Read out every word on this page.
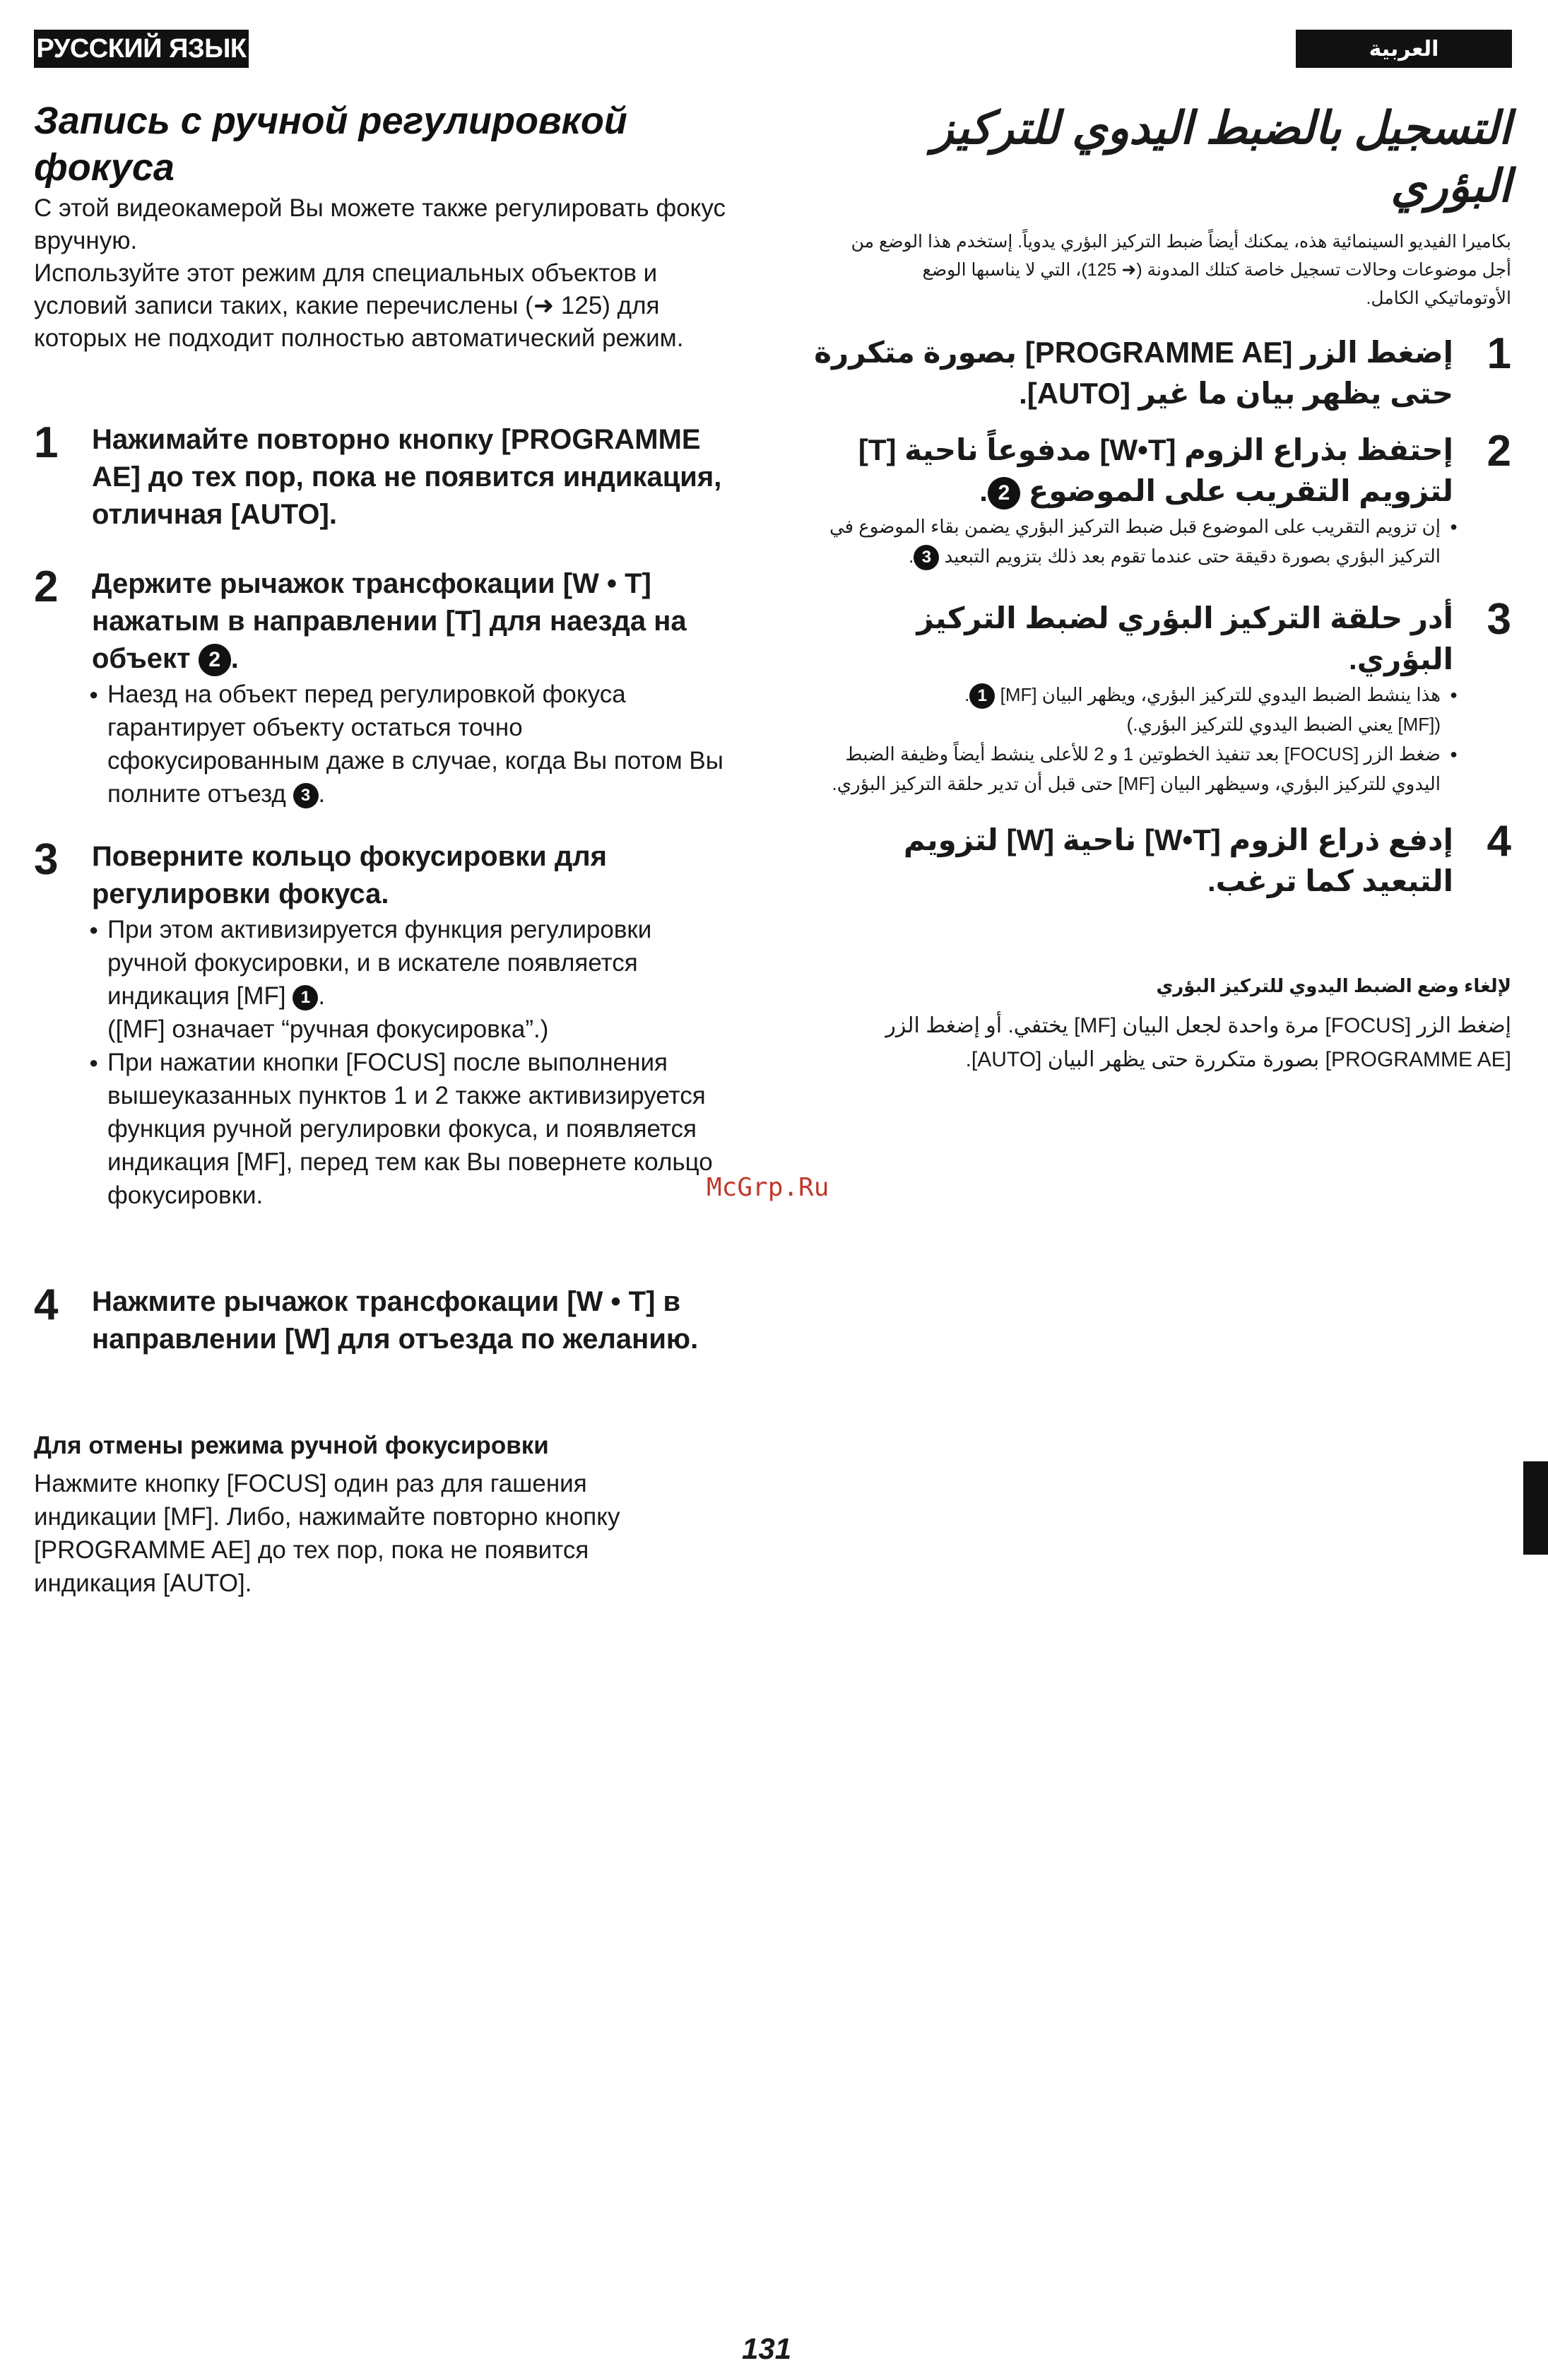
РУССКИЙ ЯЗЫК	العربية
Запись с ручной регулировкой фокуса
С этой видеокамерой Вы можете также регулировать фокус вручную.
Используйте этот режим для специальных объектов и условий записи таких, какие перечислены (➜ 125) для которых не подходит полностью автоматический режим.
1 Нажимайте повторно кнопку [PROGRAMME AE] до тех пор, пока не появится индикация, отличная [AUTO].
2 Держите рычажок трансфокации [W • T] нажатым в направлении [T] для наезда на объект 2 .
● Наезд на объект перед регулировкой фокуса гарантирует объекту остаться точно сфокусированным даже в случае, когда Вы потом Вы полните отъезд 3 .
3 Поверните кольцо фокусировки для регулировки фокуса.
● При этом активизируется функция регулировки ручной фокусировки, и в искателе появляется индикация [MF] 1 .
([MF] означает “ручная фокусировка”.)
● При нажатии кнопки [FOCUS] после выполнения вышеуказанных пунктов 1 и 2 также активизируется функция ручной регулировки фокуса, и появляется индикация [MF], перед тем как Вы повернете кольцо фокусировки.
4 Нажмите рычажок трансфокации [W • T] в направлении [W] для отъезда по желанию.
Для отмены режима ручной фокусировки
Нажмите кнопку [FOCUS] один раз для гашения индикации [MF]. Либо, нажимайте повторно кнопку [PROGRAMME AE] до тех пор, пока не появится индикация [AUTO].
McGrp.Ru
التسجيل بالضبط اليدوي للتركيز البؤري
بكاميرا الفيديو السينمائية هذه، يمكنك أيضاً ضبط التركيز البؤري يدوياً. إستخدم هذا الوضع من أجل موضوعات وحالات تسجيل خاصة كتلك المدونة (➜ 125)، التي لا يناسبها الوضع الأوتوماتيكي الكامل.
1
إضغط الزر [PROGRAMME AE] بصورة متكررة حتى يظهر بيان ما غير [AUTO].
2
إحتفظ بذراع الزوم [W•T] مدفوعاً ناحية [T] لتزويم التقريب على الموضوع 2.
● إن تزويم التقريب على الموضوع قبل ضبط التركيز البؤري يضمن بقاء الموضوع في التركيز البؤري بصورة دقيقة حتى عندما تقوم بعد ذلك بتزويم التبعيد 3.
3
أدر حلقة التركيز البؤري لضبط التركيز البؤري.
● هذا ينشط الضبط اليدوي للتركيز البؤري، ويظهر البيان [MF] 1.
([MF] يعني الضبط اليدوي للتركيز البؤري.)
● ضغط الزر [FOCUS] بعد تنفيذ الخطوتين 1 و 2 للأعلى ينشط أيضاً وظيفة الضبط اليدوي للتركيز البؤري، وسيظهر البيان [MF] حتى قبل أن تدير حلقة التركيز البؤري.
4
إدفع ذراع الزوم [W•T] ناحية [W] لتزويم التبعيد كما ترغب.
لإلغاء وضع الضبط اليدوي للتركيز البؤري
إضغط الزر [FOCUS] مرة واحدة لجعل البيان [MF] يختفي. أو إضغط الزر [PROGRAMME AE] بصورة متكررة حتى يظهر البيان [AUTO].
131
